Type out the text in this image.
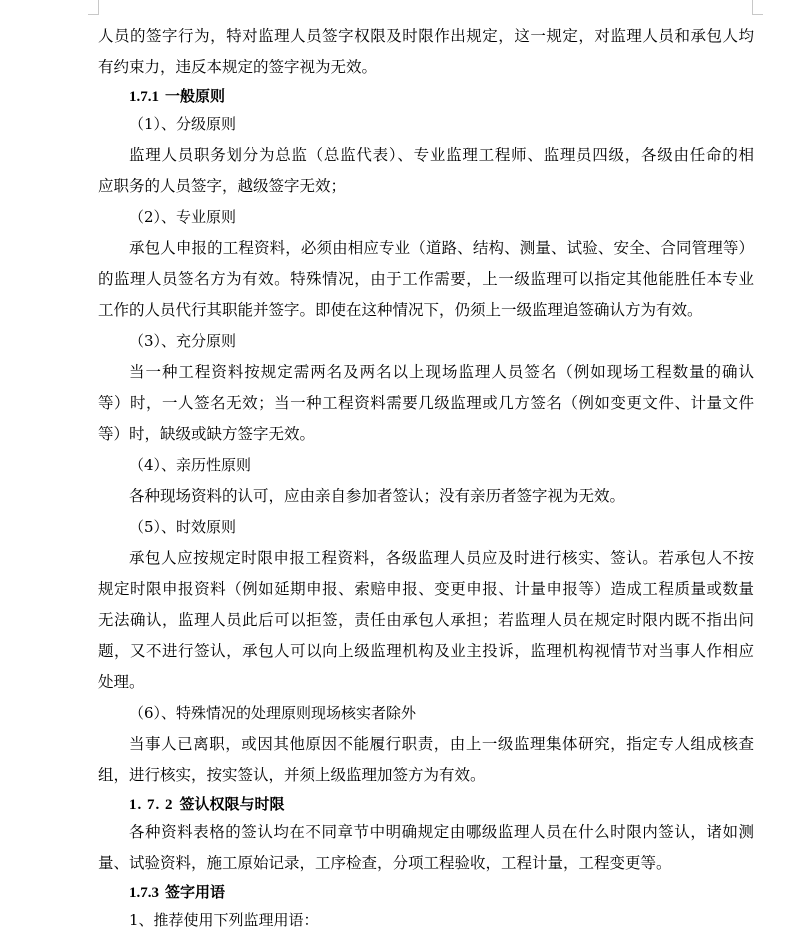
人员的签字行为，特对监理人员签字权限及时限作出规定，这一规定，对监理人员和承包人均
有约束力，违反本规定的签字视为无效。
1.7.1 一般原则
（1）、分级原则
监理人员职务划分为总监（总监代表）、专业监理工程师、监理员四级，各级由任命的相
应职务的人员签字，越级签字无效；
（2）、专业原则
承包人申报的工程资料，必须由相应专业（道路、结构、测量、试验、安全、合同管理等）
的监理人员签名方为有效。特殊情况，由于工作需要，上一级监理可以指定其他能胜任本专业
工作的人员代行其职能并签字。即使在这种情况下，仍须上一级监理追签确认方为有效。
（3）、充分原则
当一种工程资料按规定需两名及两名以上现场监理人员签名（例如现场工程数量的确认
等）时，一人签名无效；当一种工程资料需要几级监理或几方签名（例如变更文件、计量文件
等）时，缺级或缺方签字无效。
（4）、亲历性原则
各种现场资料的认可，应由亲自参加者签认；没有亲历者签字视为无效。
（5）、时效原则
承包人应按规定时限申报工程资料，各级监理人员应及时进行核实、签认。若承包人不按
规定时限申报资料（例如延期申报、索赔申报、变更申报、计量申报等）造成工程质量或数量
无法确认，监理人员此后可以拒签，责任由承包人承担；若监理人员在规定时限内既不指出问
题，又不进行签认，承包人可以向上级监理机构及业主投诉，监理机构视情节对当事人作相应
处理。
（6）、特殊情况的处理原则现场核实者除外
当事人已离职，或因其他原因不能履行职责，由上一级监理集体研究，指定专人组成核查
组，进行核实，按实签认，并须上级监理加签方为有效。
1. 7. 2 签认权限与时限
各种资料表格的签认均在不同章节中明确规定由哪级监理人员在什么时限内签认，诸如测
量、试验资料，施工原始记录，工序检查，分项工程验收，工程计量，工程变更等。
1.7.3 签字用语
1、推荐使用下列监理用语：
